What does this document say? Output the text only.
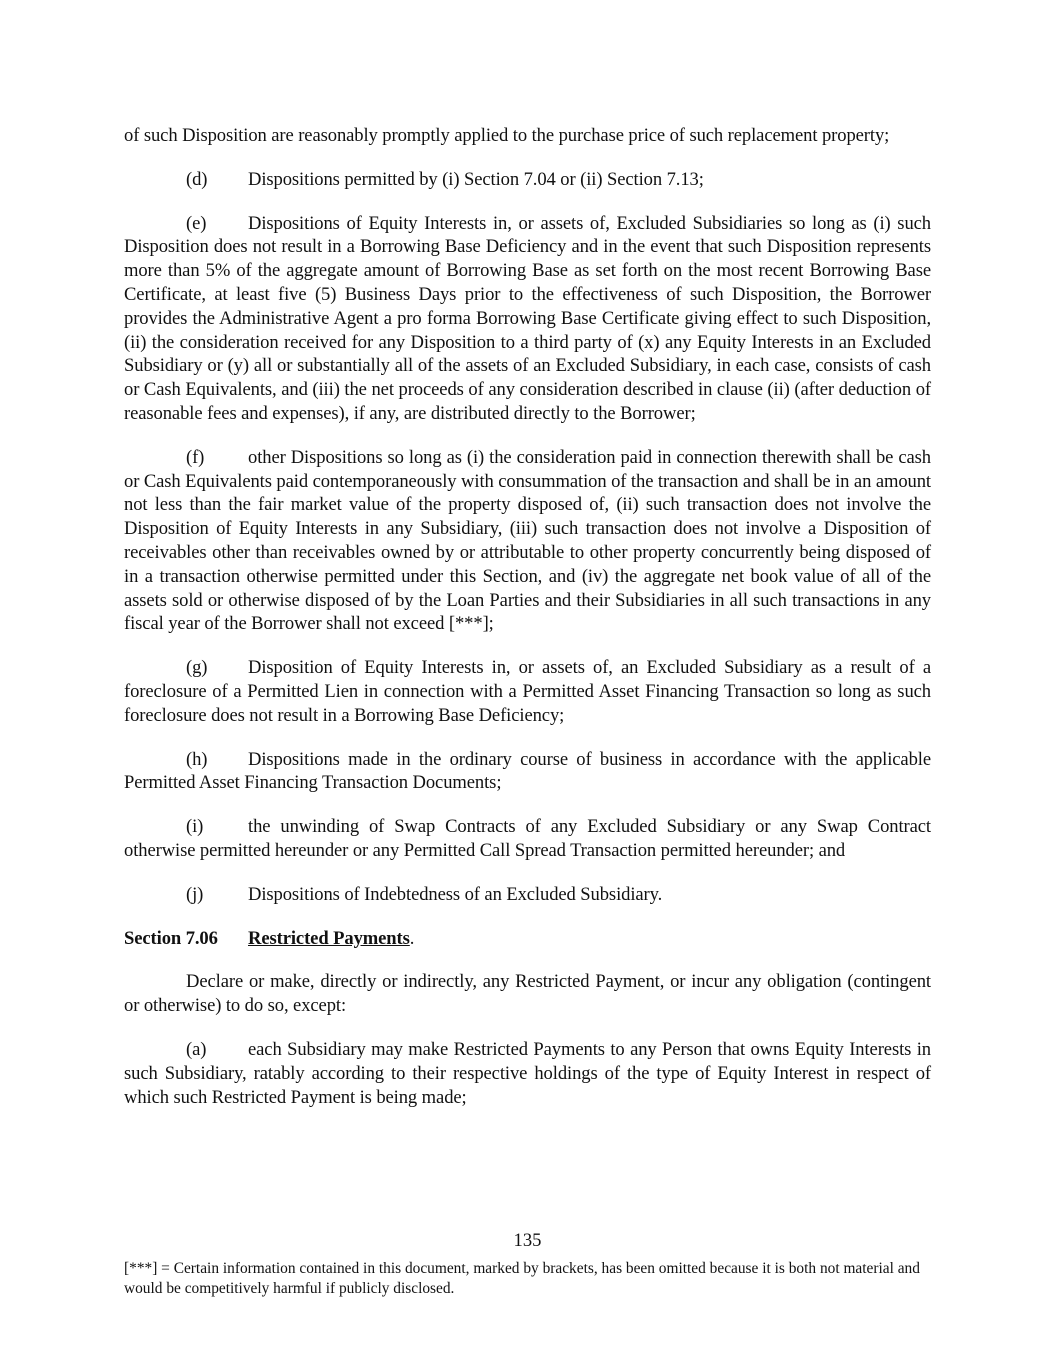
of such Disposition are reasonably promptly applied to the purchase price of such replacement property;

(d) Dispositions permitted by (i) Section 7.04 or (ii) Section 7.13;

(e) Dispositions of Equity Interests in, or assets of, Excluded Subsidiaries so long as (i) such Disposition does not result in a Borrowing Base Deficiency and in the event that such Disposition represents more than 5% of the aggregate amount of Borrowing Base as set forth on the most recent Borrowing Base Certificate, at least five (5) Business Days prior to the effectiveness of such Disposition, the Borrower provides the Administrative Agent a pro forma Borrowing Base Certificate giving effect to such Disposition, (ii) the consideration received for any Disposition to a third party of (x) any Equity Interests in an Excluded Subsidiary or (y) all or substantially all of the assets of an Excluded Subsidiary, in each case, consists of cash or Cash Equivalents, and (iii) the net proceeds of any consideration described in clause (ii) (after deduction of reasonable fees and expenses), if any, are distributed directly to the Borrower;

(f) other Dispositions so long as (i) the consideration paid in connection therewith shall be cash or Cash Equivalents paid contemporaneously with consummation of the transaction and shall be in an amount not less than the fair market value of the property disposed of, (ii) such transaction does not involve the Disposition of Equity Interests in any Subsidiary, (iii) such transaction does not involve a Disposition of receivables other than receivables owned by or attributable to other property concurrently being disposed of in a transaction otherwise permitted under this Section, and (iv) the aggregate net book value of all of the assets sold or otherwise disposed of by the Loan Parties and their Subsidiaries in all such transactions in any fiscal year of the Borrower shall not exceed [***];

(g) Disposition of Equity Interests in, or assets of, an Excluded Subsidiary as a result of a foreclosure of a Permitted Lien in connection with a Permitted Asset Financing Transaction so long as such foreclosure does not result in a Borrowing Base Deficiency;

(h) Dispositions made in the ordinary course of business in accordance with the applicable Permitted Asset Financing Transaction Documents;

(i) the unwinding of Swap Contracts of any Excluded Subsidiary or any Swap Contract otherwise permitted hereunder or any Permitted Call Spread Transaction permitted hereunder; and

(j) Dispositions of Indebtedness of an Excluded Subsidiary.

Section 7.06 Restricted Payments.

Declare or make, directly or indirectly, any Restricted Payment, or incur any obligation (contingent or otherwise) to do so, except:

(a) each Subsidiary may make Restricted Payments to any Person that owns Equity Interests in such Subsidiary, ratably according to their respective holdings of the type of Equity Interest in respect of which such Restricted Payment is being made;

135
[***] = Certain information contained in this document, marked by brackets, has been omitted because it is both not material and would be competitively harmful if publicly disclosed.
